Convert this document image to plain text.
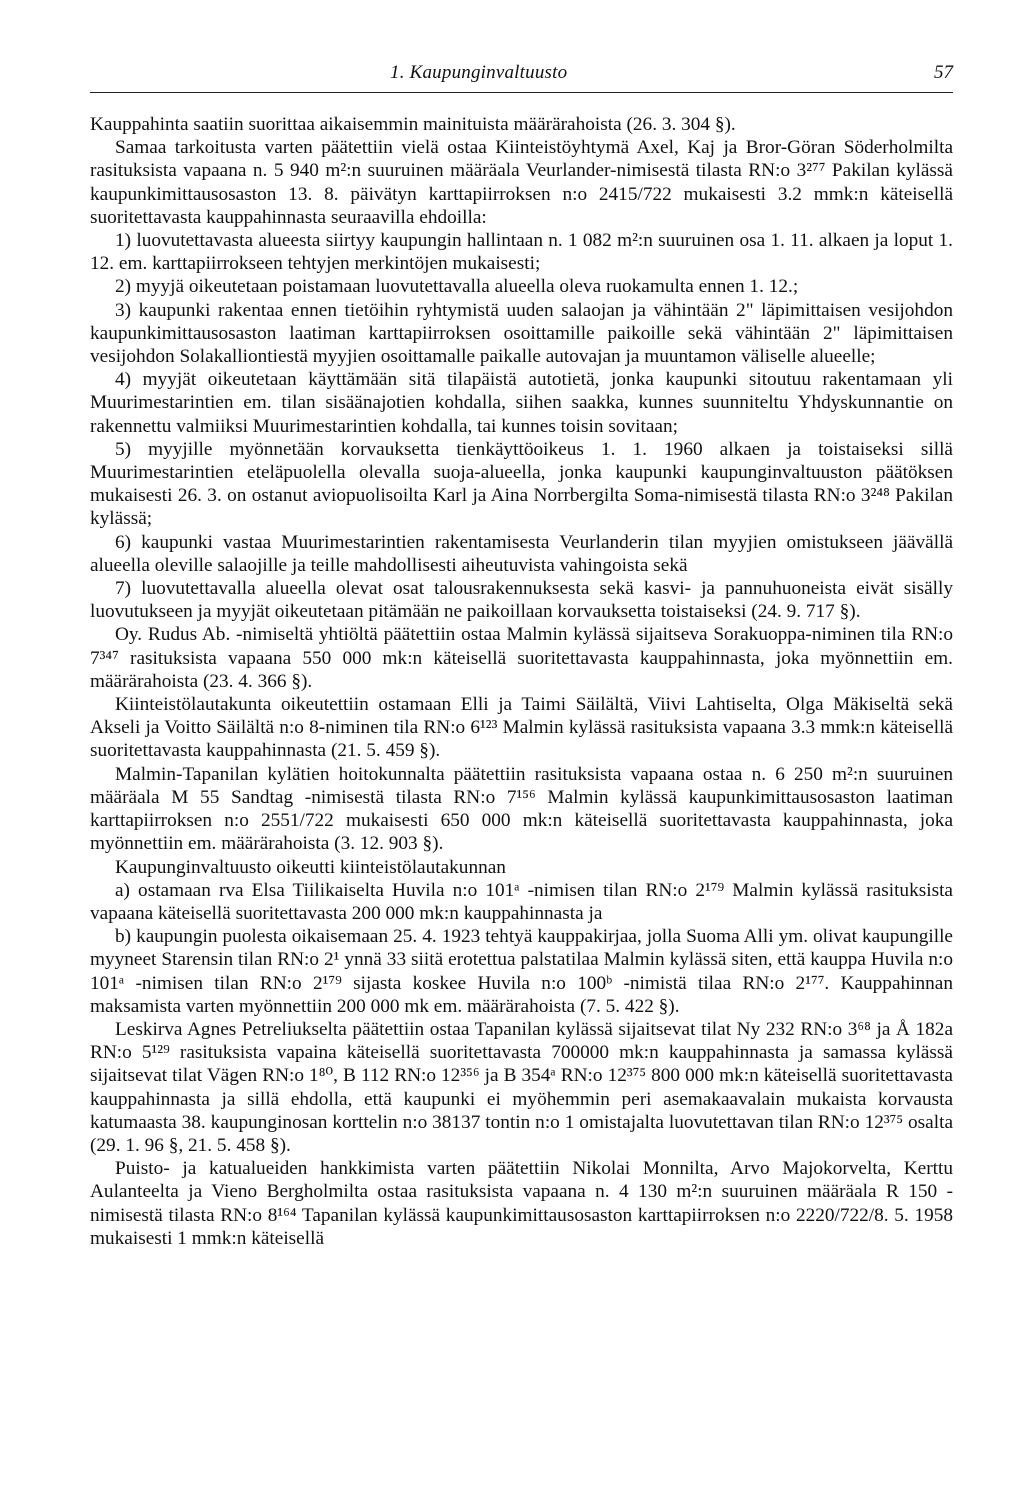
1. Kaupunginvaltuusto	57

Kauppahinta saatiin suorittaa aikaisemmin mainituista määrärahoista (26. 3. 304 §).

Samaa tarkoitusta varten päätettiin vielä ostaa Kiinteistöyhtymä Axel, Kaj ja Bror-Göran Söderholmilta rasituksista vapaana n. 5 940 m²:n suuruinen määräala Veurlander-nimisestä tilasta RN:o 3²⁷⁷ Pakilan kylässä kaupunkimittausosaston 13. 8. päivätyn karttapiirroksen n:o 2415/722 mukaisesti 3.2 mmk:n käteisellä suoritettavasta kauppahinnasta seuraavilla ehdoilla:

1) luovutettavasta alueesta siirtyy kaupungin hallintaan n. 1 082 m²:n suuruinen osa 1. 11. alkaen ja loput 1. 12. em. karttapiirrokseen tehtyjen merkintöjen mukaisesti;

2) myyjä oikeutetaan poistamaan luovutettavalla alueella oleva ruokamulta ennen 1. 12.;

3) kaupunki rakentaa ennen tietöihin ryhtymistä uuden salaojan ja vähintään 2" läpimittaisen vesijohdon kaupunkimittausosaston laatiman karttapiirroksen osoittamille paikoille sekä vähintään 2" läpimittaisen vesijohdon Solakalliontiestä myyjien osoittamalle paikalle autovajan ja muuntamon väliselle alueelle;

4) myyjät oikeutetaan käyttämään sitä tilapäistä autotietä, jonka kaupunki sitoutuu rakentamaan yli Muurimestarintien em. tilan sisäänajotien kohdalla, siihen saakka, kunnes suunniteltu Yhdyskunnantie on rakennettu valmiiksi Muurimestarintien kohdalla, tai kunnes toisin sovitaan;

5) myyjille myönnetään korvauksetta tienkäyttöoikeus 1. 1. 1960 alkaen ja toistaiseksi sillä Muurimestarintien eteläpuolella olevalla suoja-alueella, jonka kaupunki kaupunginvaltuuston päätöksen mukaisesti 26. 3. on ostanut aviopuolisoilta Karl ja Aina Norrbergilta Soma-nimisestä tilasta RN:o 3²⁴⁸ Pakilan kylässä;

6) kaupunki vastaa Muurimestarintien rakentamisesta Veurlanderin tilan myyjien omistukseen jäävällä alueella oleville salaojille ja teille mahdollisesti aiheutuvista vahingoista sekä

7) luovutettavalla alueella olevat osat talousrakennuksesta sekä kasvi- ja pannuhuoneista eivät sisälly luovutukseen ja myyjät oikeutetaan pitämään ne paikoillaan korvauksetta toistaiseksi (24. 9. 717 §).

Oy. Rudus Ab. -nimiseltä yhtiöltä päätettiin ostaa Malmin kylässä sijaitseva Sorakuoppa-niminen tila RN:o 7³⁴⁷ rasituksista vapaana 550 000 mk:n käteisellä suoritettavasta kauppahinnasta, joka myönnettiin em. määrärahoista (23. 4. 366 §).

Kiinteistölautakunta oikeutettiin ostamaan Elli ja Taimi Säilältä, Viivi Lahtiselta, Olga Mäkiseltä sekä Akseli ja Voitto Säilältä n:o 8-niminen tila RN:o 6¹²³ Malmin kylässä rasituksista vapaana 3.3 mmk:n käteisellä suoritettavasta kauppahinnasta (21. 5. 459 §).

Malmin-Tapanilan kylätien hoitokunnalta päätettiin rasituksista vapaana ostaa n. 6 250 m²:n suuruinen määräala M 55 Sandtag -nimisestä tilasta RN:o 7¹⁵⁶ Malmin kylässä kaupunkimittausosaston laatiman karttapiirroksen n:o 2551/722 mukaisesti 650 000 mk:n käteisellä suoritettavasta kauppahinnasta, joka myönnettiin em. määrärahoista (3. 12. 903 §).

Kaupunginvaltuusto oikeutti kiinteistölautakunnan

a) ostamaan rva Elsa Tiilikaiselta Huvila n:o 101ᵃ -nimisen tilan RN:o 2¹⁷⁹ Malmin kylässä rasituksista vapaana käteisellä suoritettavasta 200 000 mk:n kauppahinnasta ja

b) kaupungin puolesta oikaisemaan 25. 4. 1923 tehtyä kauppakirjaa, jolla Suoma Alli ym. olivat kaupungille myyneet Starensin tilan RN:o 2¹ ynnä 33 siitä erotettua palstatilaa Malmin kylässä siten, että kauppa Huvila n:o 101ᵃ -nimisen tilan RN:o 2¹⁷⁹ sijasta koskee Huvila n:o 100ᵇ -nimistä tilaa RN:o 2¹⁷⁷. Kauppahinnan maksamista varten myönnettiin 200 000 mk em. määrärahoista (7. 5. 422 §).

Leskirva Agnes Petreliukselta päätettiin ostaa Tapanilan kylässä sijaitsevat tilat Ny 232 RN:o 3⁶⁸ ja Å 182a RN:o 5¹²⁹ rasituksista vapaina käteisellä suoritettavasta 700000 mk:n kauppahinnasta ja samassa kylässä sijaitsevat tilat Vägen RN:o 1⁸⁰, B 112 RN:o 12³⁵⁶ ja B 354ᵃ RN:o 12³⁷⁵ 800 000 mk:n käteisellä suoritettavasta kauppahinnasta ja sillä ehdolla, että kaupunki ei myöhemmin peri asemakaavalain mukaista korvausta katumaasta 38. kaupunginosan korttelin n:o 38137 tontin n:o 1 omistajalta luovutettavan tilan RN:o 12³⁷⁵ osalta (29. 1. 96 §, 21. 5. 458 §).

Puisto- ja katualueiden hankkimista varten päätettiin Nikolai Monnilta, Arvo Majokorvelta, Kerttu Aulanteelta ja Vieno Bergholmilta ostaa rasituksista vapaana n. 4 130 m²:n suuruinen määräala R 150 -nimisestä tilasta RN:o 8¹⁶⁴ Tapanilan kylässä kaupunkimittausosaston karttapiirroksen n:o 2220/722/8. 5. 1958 mukaisesti 1 mmk:n käteisellä
